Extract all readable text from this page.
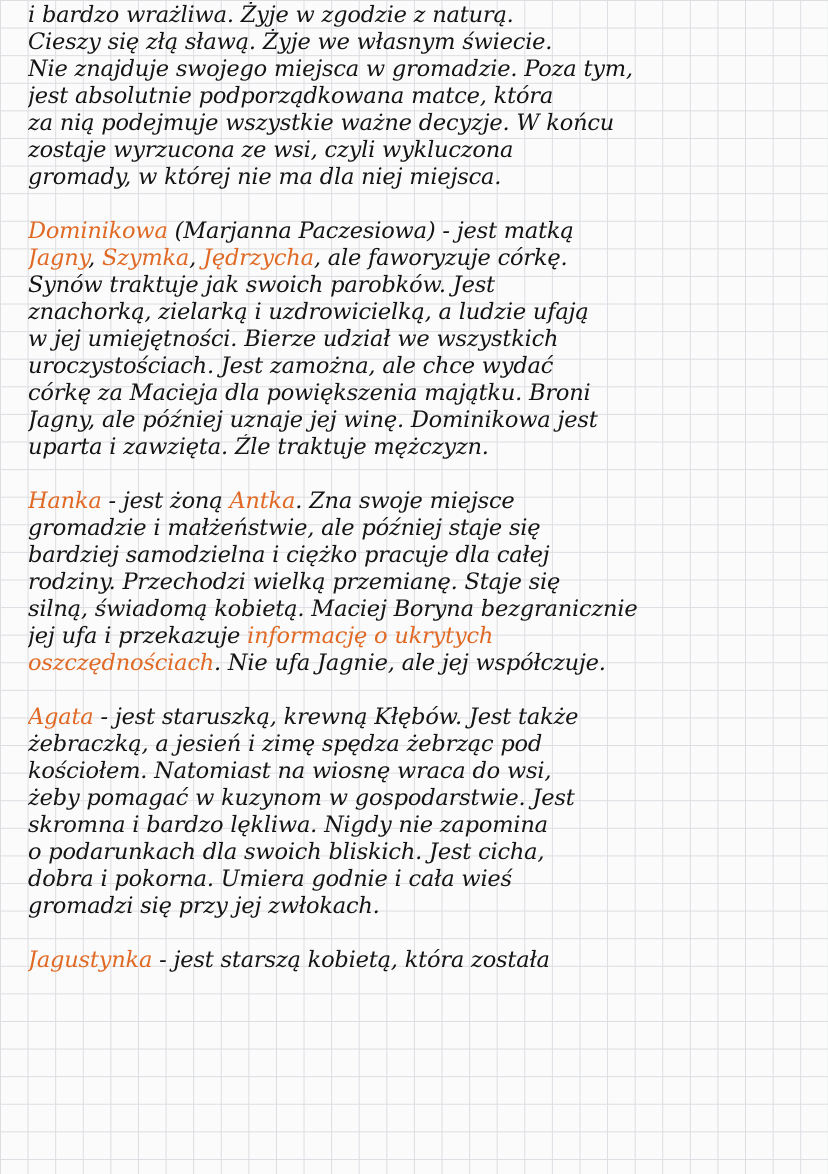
i bardzo wrażliwa. Żyje w zgodzie z naturą.
Cieszy się złą sławą. Żyje we własnym świecie.
Nie znajduje swojego miejsca w gromadzie. Poza tym,
jest absolutnie podporządkowana matce, która
za nią podejmuje wszystkie ważne decyzje. W końcu
zostaje wyrzucona ze wsi, czyli wykluczona
gromady, w której nie ma dla niej miejsca.
Dominikowa (Marjanna Paczesiowa) - jest matką
Jagny, Szymka, Jędrzycha, ale faworyzuje córkę.
Synów traktuje jak swoich parobków. Jest
znachorką, zielarką i uzdrowicielką, a ludzie ufają
w jej umiejętności. Bierze udział we wszystkich
uroczystościach. Jest zamożna, ale chce wydać
córkę za Macieja dla powiększenia majątku. Broni
Jagny, ale później uznaje jej winę. Dominikowa jest
uparta i zawzięta. Źle traktuje mężczyzn.
Hanka - jest żoną Antka. Zna swoje miejsce
gromadzie i małżeństwie, ale później staje się
bardziej samodzielna i ciężko pracuje dla całej
rodziny. Przechodzi wielką przemianę. Staje się
silną, świadomą kobietą. Maciej Boryna bezgranicznie
jej ufa i przekazuje informację o ukrytych
oszczędnościach. Nie ufa Jagnie, ale jej współczuje.
Agata - jest staruszką, krewną Kłębów. Jest także
żebraczką, a jesień i zimę spędza żebrząc pod
kościołem. Natomiast na wiosnę wraca do wsi,
żeby pomagać w kuzynom w gospodarstwie. Jest
skromna i bardzo lękliwa. Nigdy nie zapomina
o podarunkach dla swoich bliskich. Jest cicha,
dobra i pokorna. Umiera godnie i cała wieś
gromadzi się przy jej zwłokach.
Jagustynka - jest starszą kobietą, która została
